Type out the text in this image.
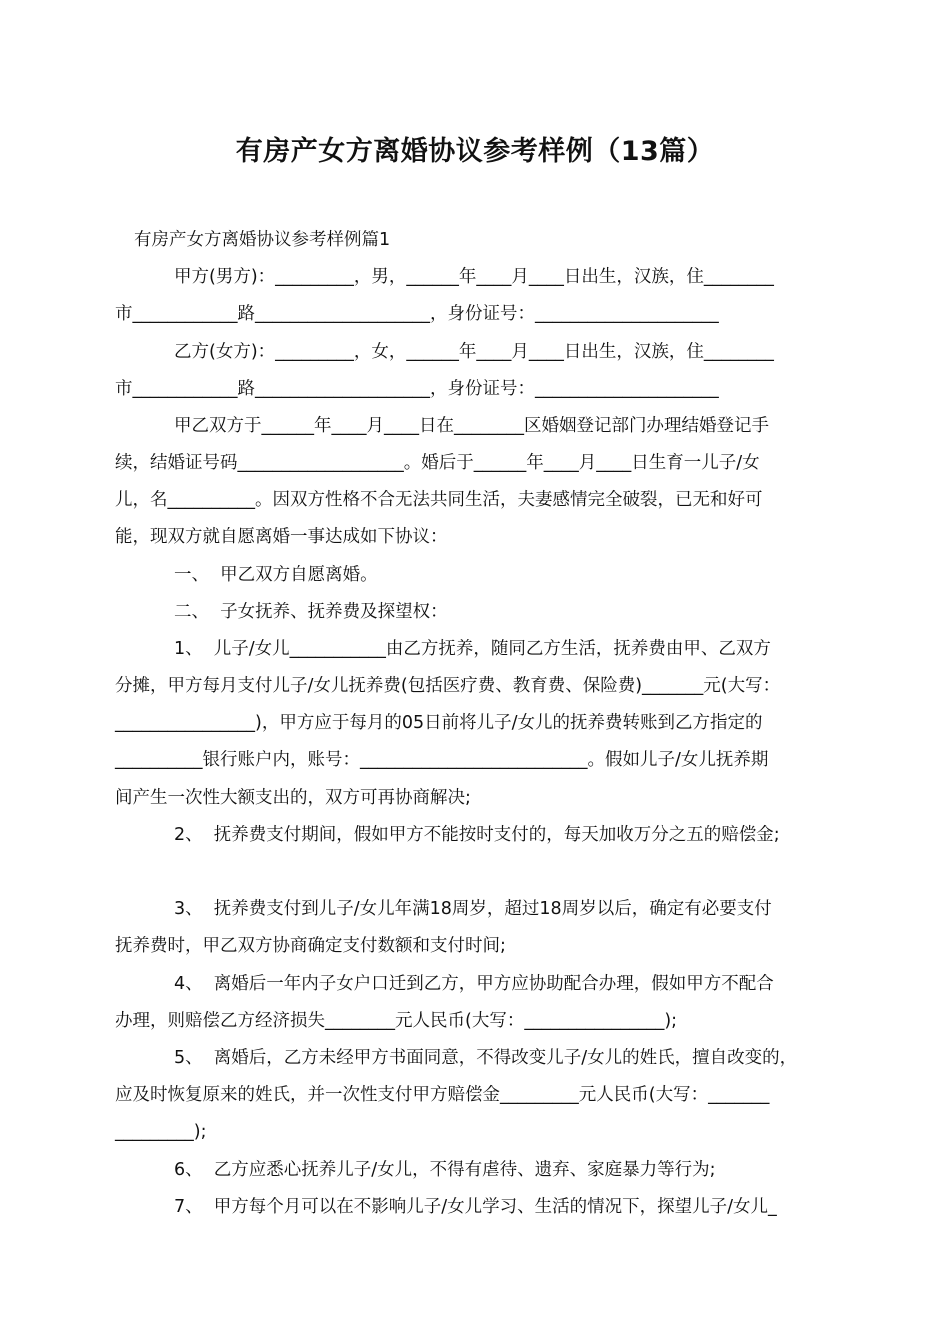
有房产女方离婚协议参考样例（13篇）
有房产女方离婚协议参考样例篇1
甲方(男方)：_________，男，______年____月____日出生，汉族，住________
市____________路____________________，身份证号：_____________________
乙方(女方)：_________，女，______年____月____日出生，汉族，住________
市____________路____________________，身份证号：_____________________
甲乙双方于______年____月____日在________区婚姻登记部门办理结婚登记手
续，结婚证号码___________________。婚后于______年____月____日生育一儿子/女
儿，名__________。因双方性格不合无法共同生活，夫妻感情完全破裂，已无和好可
能，现双方就自愿离婚一事达成如下协议：
一、  甲乙双方自愿离婚。
二、  子女抚养、抚养费及探望权：
1、  儿子/女儿___________由乙方抚养，随同乙方生活，抚养费由甲、乙双方
分摊，甲方每月支付儿子/女儿抚养费(包括医疗费、教育费、保险费)_______元(大写：
________________)，甲方应于每月的05日前将儿子/女儿的抚养费转账到乙方指定的
__________银行账户内，账号：__________________________。假如儿子/女儿抚养期
间产生一次性大额支出的，双方可再协商解决;
2、  抚养费支付期间，假如甲方不能按时支付的，每天加收万分之五的赔偿金;
3、  抚养费支付到儿子/女儿年满18周岁，超过18周岁以后，确定有必要支付
抚养费时，甲乙双方协商确定支付数额和支付时间;
4、  离婚后一年内子女户口迁到乙方，甲方应协助配合办理，假如甲方不配合
办理，则赔偿乙方经济损失________元人民币(大写：________________);
5、  离婚后，乙方未经甲方书面同意，不得改变儿子/女儿的姓氏，擅自改变的，
应及时恢复原来的姓氏，并一次性支付甲方赔偿金_________元人民币(大写：_______
_________);
6、  乙方应悉心抚养儿子/女儿，不得有虐待、遗弃、家庭暴力等行为;
7、  甲方每个月可以在不影响儿子/女儿学习、生活的情况下，探望儿子/女儿_
